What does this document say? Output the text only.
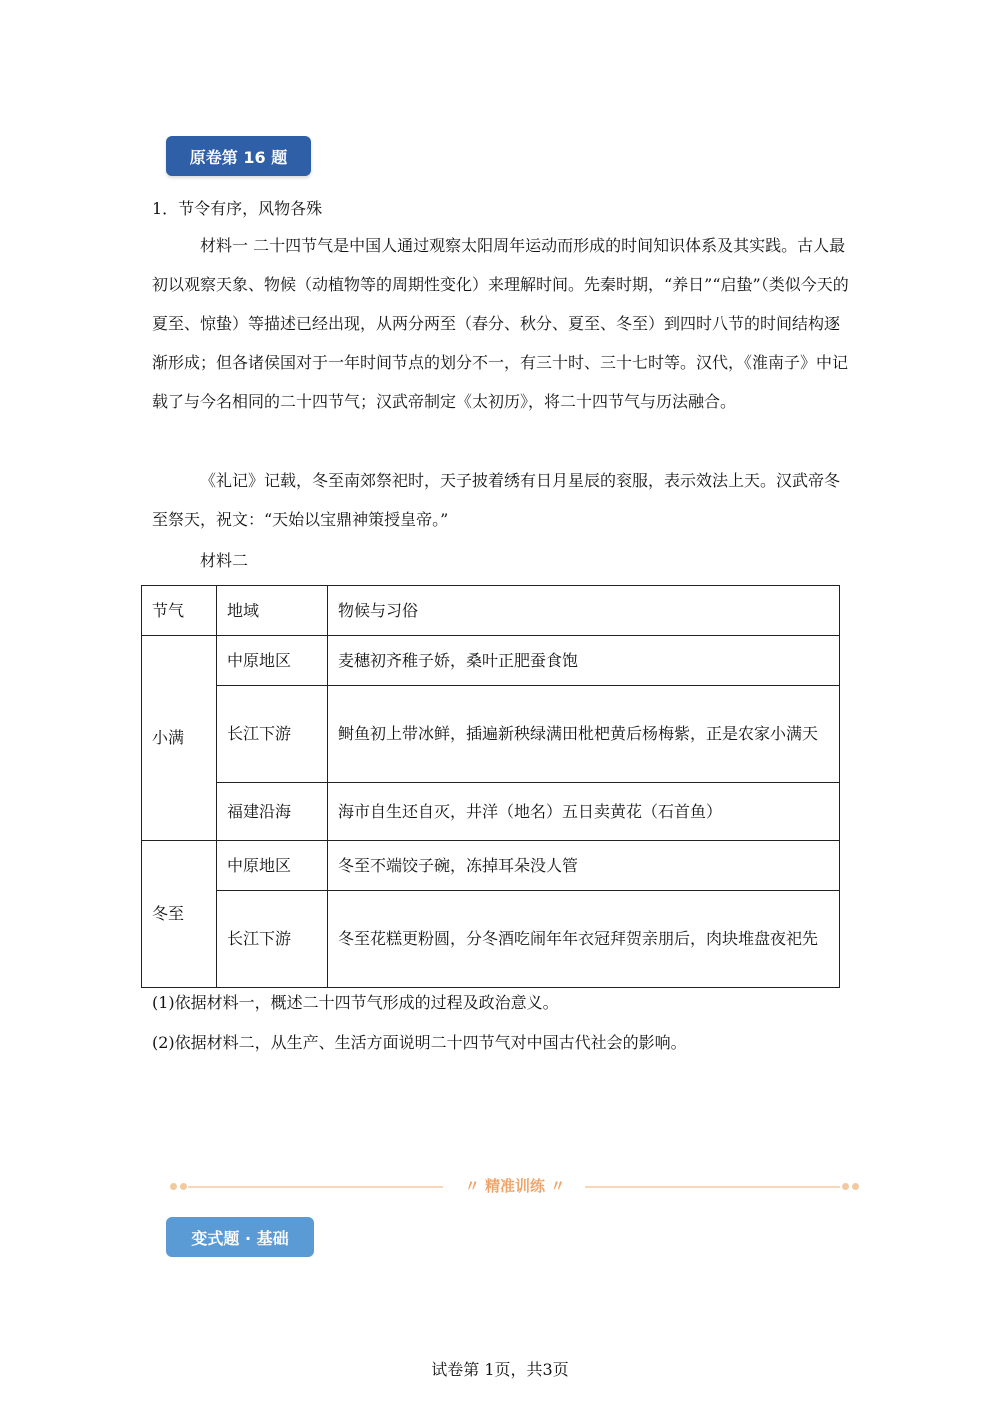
原卷第 16 题
1．节令有序，风物各殊
材料一 二十四节气是中国人通过观察太阳周年运动而形成的时间知识体系及其实践。古人最初以观察天象、物候（动植物等的周期性变化）来理解时间。先秦时期，“养日”“启蛰”（类似今天的夏至、惊蛰）等描述已经出现，从两分两至（春分、秋分、夏至、冬至）到四时八节的时间结构逐渐形成；但各诸侯国对于一年时间节点的划分不一，有三十时、三十七时等。汉代，《淮南子》中记载了与今名相同的二十四节气；汉武帝制定《太初历》，将二十四节气与历法融合。
《礼记》记载，冬至南郊祭祀时，天子披着绣有日月星辰的衮服，表示效法上天。汉武帝冬至祭天，祝文：“天始以宝鼎神策授皇帝。”
材料二
节气	地域	物候与习俗
小满	中原地区	麦穗初齐稚子娇，桑叶正肥蚕食饱
	长江下游	鲥鱼初上带冰鲜，插遍新秧绿满田枇杷黄后杨梅紫，正是农家小满天
	福建沿海	海市自生还自灭，井洋（地名）五日卖黄花（石首鱼）
冬至	中原地区	冬至不端饺子碗，冻掉耳朵没人管
	长江下游	冬至花糕更粉圆，分冬酒吃闹年年衣冠拜贺亲朋后，肉块堆盘夜祀先
(1)依据材料一，概述二十四节气形成的过程及政治意义。
(2)依据材料二，从生产、生活方面说明二十四节气对中国古代社会的影响。
〃 精准训练 〃
变式题 · 基础
试卷第 1页，共3页
